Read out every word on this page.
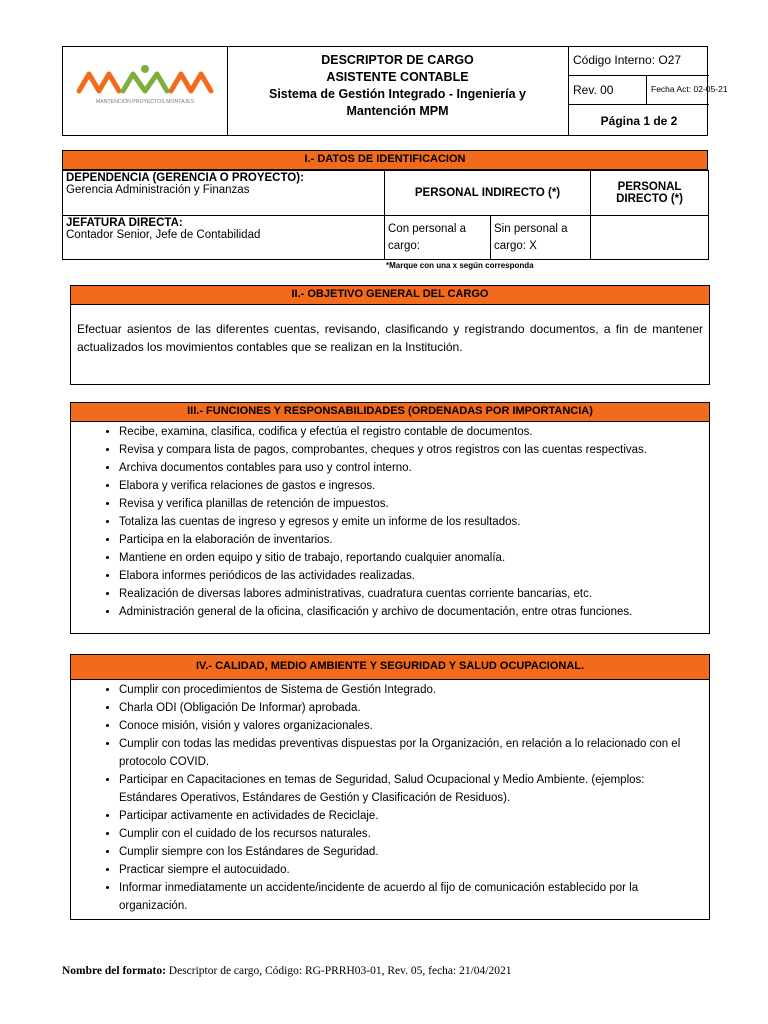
MANTENCIÓN PROYECTOS MONTAJES
DESCRIPTOR DE CARGO
ASISTENTE CONTABLE
Sistema de Gestión Integrado - Ingeniería y
Mantención MPM
Código Interno: O27
Rev. 00	Fecha Act: 02-05-21
Página 1 de 2
I.- DATOS DE IDENTIFICACION
DEPENDENCIA (GERENCIA O PROYECTO):
Gerencia Administración y Finanzas	PERSONAL INDIRECTO (*)		PERSONAL DIRECTO (*)

JEFATURA DIRECTA:
Contador Senior, Jefe de Contabilidad	Con personal a cargo:	Sin personal a cargo: X	
*Marque con una x según corresponda
II.- OBJETIVO GENERAL DEL CARGO
Efectuar asientos de las diferentes cuentas, revisando, clasificando y registrando documentos, a fin de mantener actualizados los movimientos contables que se realizan en la Institución.
III.- FUNCIONES Y RESPONSABILIDADES (ORDENADAS POR IMPORTANCIA)
• Recibe, examina, clasifica, codifica y efectúa el registro contable de documentos.
• Revisa y compara lista de pagos, comprobantes, cheques y otros registros con las cuentas respectivas.
• Archiva documentos contables para uso y control interno.
• Elabora y verifica relaciones de gastos e ingresos.
• Revisa y verifica planillas de retención de impuestos.
• Totaliza las cuentas de ingreso y egresos y emite un informe de los resultados.
• Participa en la elaboración de inventarios.
• Mantiene en orden equipo y sitio de trabajo, reportando cualquier anomalía.
• Elabora informes periódicos de las actividades realizadas.
• Realización de diversas labores administrativas, cuadratura cuentas corriente bancarias, etc.
• Administración general de la oficina, clasificación y archivo de documentación, entre otras funciones.
IV.- CALIDAD, MEDIO AMBIENTE Y SEGURIDAD Y SALUD OCUPACIONAL.
• Cumplir con procedimientos de Sistema de Gestión Integrado.
• Charla ODI (Obligación De Informar) aprobada.
• Conoce misión, visión y valores organizacionales.
• Cumplir con todas las medidas preventivas dispuestas por la Organización, en relación a lo relacionado con el protocolo COVID.
• Participar en Capacitaciones en temas de Seguridad, Salud Ocupacional y Medio Ambiente. (ejemplos: Estándares Operativos, Estándares de Gestión y Clasificación de Residuos).
• Participar activamente en actividades de Reciclaje.
• Cumplir con el cuidado de los recursos naturales.
• Cumplir siempre con los Estándares de Seguridad.
• Practicar siempre el autocuidado.
• Informar inmediatamente un accidente/incidente de acuerdo al fijo de comunicación establecido por la organización.
Nombre del formato: Descriptor de cargo, Código: RG-PRRH03-01, Rev. 05, fecha: 21/04/2021
